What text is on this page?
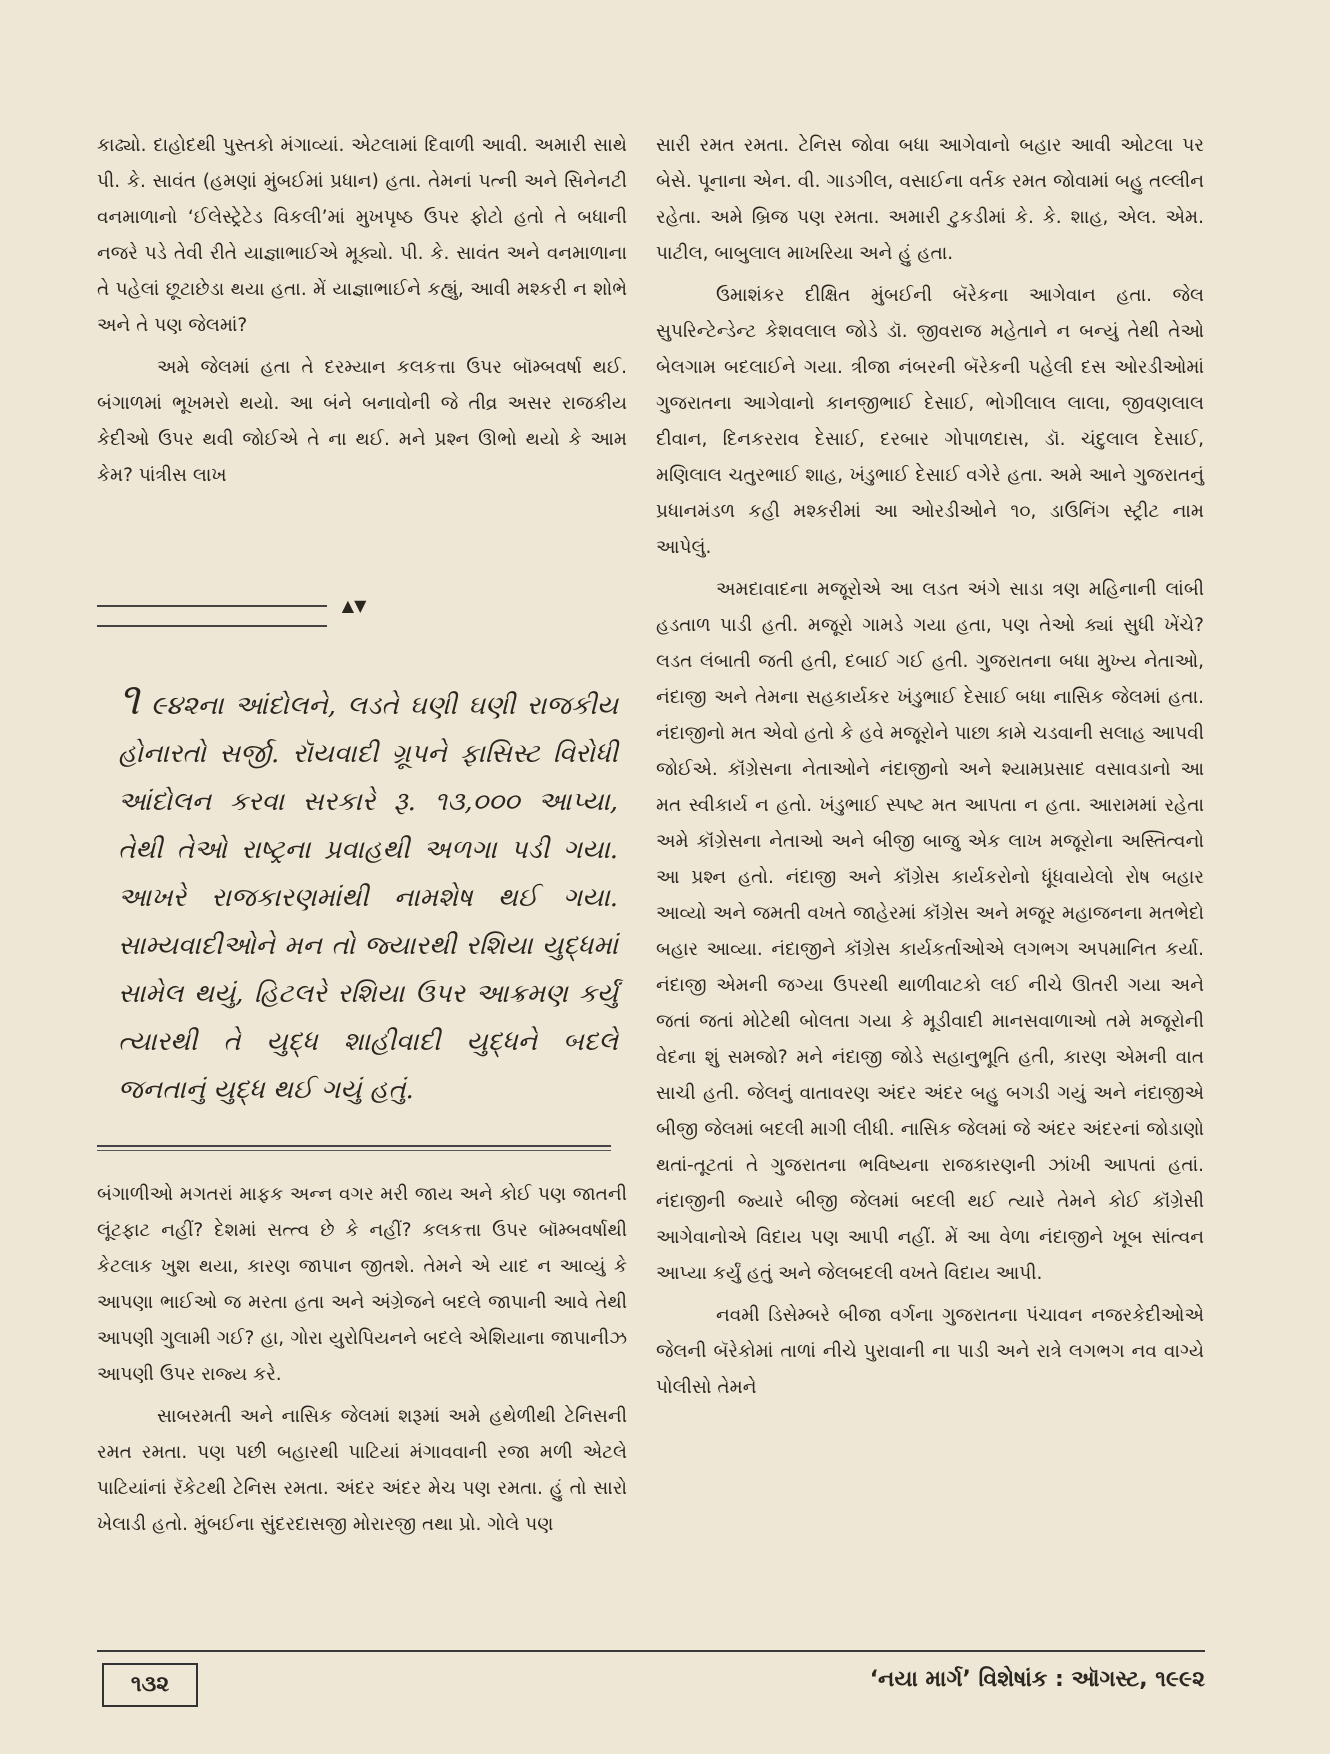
કાઢ્યો. દાહોદથી પુસ્તકો મંગાવ્યાં. એટલામાં દિવાળી આવી. અમારી સાથે પી. કે. સાવંત (હમણાં મુંબઈમાં પ્રધાન) હતા. તેમનાં પત્ની અને સિનેનટી વનમાળાનો ‘ઈલેસ્ટ્રેટેડ વિકલી’માં મુખપૃષ્ઠ ઉપર ફોટો હતો તે બધાની નજરે પડે તેવી રીતે યાજ્ઞાભાઈએ મૂક્યો. પી. કે. સાવંત અને વનમાળાના તે પહેલાં છૂટાછેડા થયા હતા. મેં યાજ્ઞાભાઈને કહ્યું, આવી મશ્કરી ન શોભે અને તે પણ જેલમાં?

અમે જેલમાં હતા તે દરમ્યાન કલકત્તા ઉપર બૉમ્બવર્ષા થઈ. બંગાળમાં ભૂખમરો થયો. આ બંને બનાવોની જે તીવ્ર અસર રાજકીય કેદીઓ ઉપર થવી જોઈએ તે ના થઈ. મને પ્રશ્ન ઊભો થયો કે આમ કેમ? પાંત્રીસ લાખ

▲▼
૧ ૯૪૨ના આંદોલને, લડતે ઘણી ઘણી રાજકીય હોનારતો સર્જી. રૉયવાદી ગ્રૂપને ફાસિસ્ટ વિરોધી આંદોલન કરવા સરકારે રૂ. ૧૩,૦૦૦ આપ્યા, તેથી તેઓ રાષ્ટ્રના પ્રવાહથી અળગા પડી ગયા. આખરે રાજકારણમાંથી નામશેષ થઈ ગયા. સામ્યવાદીઓને મન તો જ્યારથી રશિયા યુદ્ધમાં સામેલ થયું, હિટલરે રશિયા ઉપર આક્રમણ કર્યું ત્યારથી તે યુદ્ધ શાહીવાદી યુદ્ધને બદલે જનતાનું યુદ્ધ થઈ ગયું હતું.

બંગાળીઓ મગતરાં માફક અન્ન વગર મરી જાય અને કોઈ પણ જાતની લૂંટફાટ નહીં? દેશમાં સત્ત્વ છે કે નહીં? કલકત્તા ઉપર બૉમ્બવર્ષાથી કેટલાક ખુશ થયા, કારણ જાપાન જીતશે. તેમને એ યાદ ન આવ્યું કે આપણા ભાઈઓ જ મરતા હતા અને અંગ્રેજને બદલે જાપાની આવે તેથી આપણી ગુલામી ગઈ? હા, ગોરા યુરોપિયનને બદલે એશિયાના જાપાનીઝ આપણી ઉપર રાજ્ય કરે.

સાબરમતી અને નાસિક જેલમાં શરૂમાં અમે હથેળીથી ટેનિસની રમત રમતા. પણ પછી બહારથી પાટિયાં મંગાવવાની રજા મળી એટલે પાટિયાંનાં રૅકેટથી ટેનિસ રમતા. અંદર અંદર મેચ પણ રમતા. હું તો સારો ખેલાડી હતો. મુંબઈના સુંદરદાસજી મોરારજી તથા પ્રો. ગોલે પણ

સારી રમત રમતા. ટેનિસ જોવા બધા આગેવાનો બહાર આવી ઓટલા પર બેસે. પૂનાના એન. વી. ગાડગીલ, વસાઈના વર્તક રમત જોવામાં બહુ તલ્લીન રહેતા. અમે બ્રિજ પણ રમતા. અમારી ટુકડીમાં કે. કે. શાહ, એલ. એમ. પાટીલ, બાબુલાલ માખરિયા અને હું હતા.

ઉમાશંકર દીક્ષિત મુંબઈની બૅરેકના આગેવાન હતા. જેલ સુપરિન્ટેન્ડેન્ટ કેશવલાલ જોડે ડૉ. જીવરાજ મહેતાને ન બન્યું તેથી તેઓ બેલગામ બદલાઈને ગયા. ત્રીજા નંબરની બૅરેકની પહેલી દસ ઓરડીઓમાં ગુજરાતના આગેવાનો કાનજીભાઈ દેસાઈ, ભોગીલાલ લાલા, જીવણલાલ દીવાન, દિનકરરાવ દેસાઈ, દરબાર ગોપાળદાસ, ડૉ. ચંદુલાલ દેસાઈ, મણિલાલ ચતુરભાઈ શાહ, ખંડુભાઈ દેસાઈ વગેરે હતા. અમે આને ગુજરાતનું પ્રધાનમંડળ કહી મશ્કરીમાં આ ઓરડીઓને ૧૦, ડાઉનિંગ સ્ટ્રીટ નામ આપેલું.

અમદાવાદના મજૂરોએ આ લડત અંગે સાડા ત્રણ મહિનાની લાંબી હડતાળ પાડી હતી. મજૂરો ગામડે ગયા હતા, પણ તેઓ ક્યાં સુધી ખેંચે? લડત લંબાતી જતી હતી, દબાઈ ગઈ હતી. ગુજરાતના બધા મુખ્ય નેતાઓ, નંદાજી અને તેમના સહકાર્યકર ખંડુભાઈ દેસાઈ બધા નાસિક જેલમાં હતા. નંદાજીનો મત એવો હતો કે હવે મજૂરોને પાછા કામે ચડવાની સલાહ આપવી જોઈએ. કૉંગ્રેસના નેતાઓને નંદાજીનો અને શ્યામપ્રસાદ વસાવડાનો આ મત સ્વીકાર્ય ન હતો. ખંડુભાઈ સ્પષ્ટ મત આપતા ન હતા. આરામમાં રહેતા અમે કૉંગ્રેસના નેતાઓ અને બીજી બાજુ એક લાખ મજૂરોના અસ્તિત્વનો આ પ્રશ્ન હતો. નંદાજી અને કૉંગ્રેસ કાર્યકરોનો ધૂંધવાયેલો રોષ બહાર આવ્યો અને જમતી વખતે જાહેરમાં કૉંગ્રેસ અને મજૂર મહાજનના મતભેદો બહાર આવ્યા. નંદાજીને કૉંગ્રેસ કાર્યકર્તાઓએ લગભગ અપમાનિત કર્યા. નંદાજી એમની જગ્યા ઉપરથી થાળીવાટકો લઈ નીચે ઊતરી ગયા અને જતાં જતાં મોટેથી બોલતા ગયા કે મૂડીવાદી માનસવાળાઓ તમે મજૂરોની વેદના શું સમજો? મને નંદાજી જોડે સહાનુભૂતિ હતી, કારણ એમની વાત સાચી હતી. જેલનું વાતાવરણ અંદર અંદર બહુ બગડી ગયું અને નંદાજીએ બીજી જેલમાં બદલી માગી લીધી. નાસિક જેલમાં જે અંદર અંદરનાં જોડાણો થતાં-તૂટતાં તે ગુજરાતના ભવિષ્યના રાજકારણની ઝાંખી આપતાં હતાં. નંદાજીની જ્યારે બીજી જેલમાં બદલી થઈ ત્યારે તેમને કોઈ કૉંગ્રેસી આગેવાનોએ વિદાય પણ આપી નહીં. મેં આ વેળા નંદાજીને ખૂબ સાંત્વન આપ્યા કર્યું હતું અને જેલબદલી વખતે વિદાય આપી.

નવમી ડિસેમ્બરે બીજા વર્ગના ગુજરાતના પંચાવન નજરકેદીઓએ જેલની બૅરેકોમાં તાળાં નીચે પુરાવાની ના પાડી અને રાત્રે લગભગ નવ વાગ્યે પોલીસો તેમને

૧૩૨	‘નયા માર્ગ’ વિશેષાંક : ઑગસ્ટ, ૧૯૯૨
